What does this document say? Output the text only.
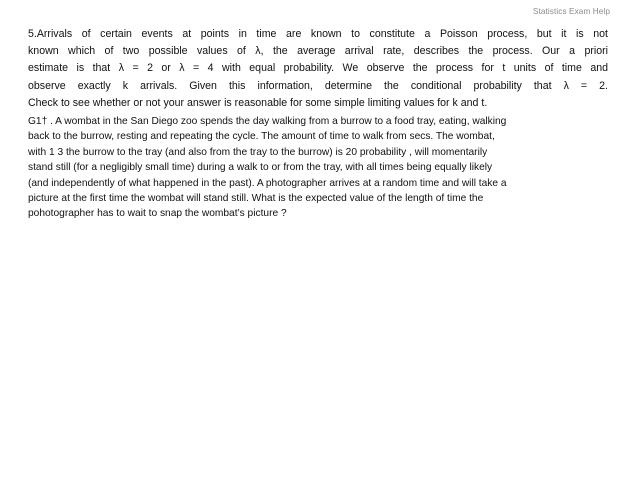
Statistics Exam Help
5.Arrivals of certain events at points in time are known to constitute a Poisson process, but it is not
known which of two possible values of λ, the average arrival rate, describes the process. Our a priori
estimate is that λ = 2 or λ = 4 with equal probability. We observe the process for t units of time and
observe exactly k arrivals. Given this information, determine the conditional probability that λ = 2.
Check to see whether or not your answer is reasonable for some simple limiting values for k and t.
G1† . A wombat in the San Diego zoo spends the day walking from a burrow to a food tray, eating, walking
back to the burrow, resting and repeating the cycle. The amount of time to walk from secs. The wombat,
with 1 3 the burrow to the tray (and also from the tray to the burrow) is 20 probability , will momentarily
stand still (for a negligibly small time) during a walk to or from the tray, with all times being equally likely
(and independently of what happened in the past). A photographer arrives at a random time and will take a
picture at the first time the wombat will stand still. What is the expected value of the length of time the
pohotographer has to wait to snap the wombat’s picture ?
